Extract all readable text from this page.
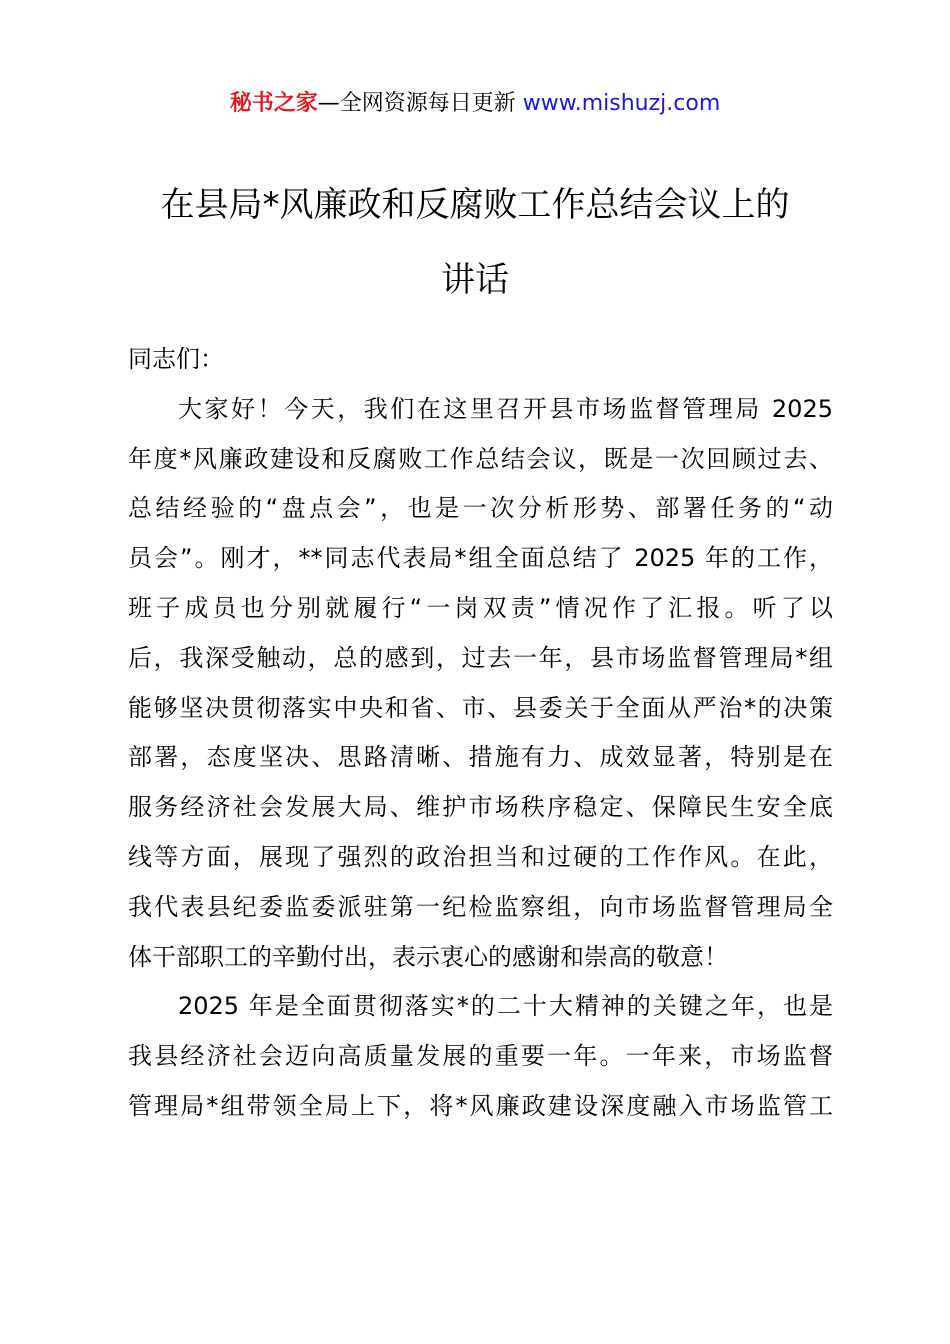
秘书之家—全网资源每日更新 www.mishuzj.com
在县局*风廉政和反腐败工作总结会议上的
讲话
同志们：
大家好！今天，我们在这里召开县市场监督管理局 2025
年度*风廉政建设和反腐败工作总结会议，既是一次回顾过去、
总结经验的“盘点会”，也是一次分析形势、部署任务的“动
员会”。刚才，**同志代表局*组全面总结了 2025 年的工作，
班子成员也分别就履行“一岗双责”情况作了汇报。听了以
后，我深受触动，总的感到，过去一年，县市场监督管理局*组
能够坚决贯彻落实中央和省、市、县委关于全面从严治*的决策
部署，态度坚决、思路清晰、措施有力、成效显著，特别是在
服务经济社会发展大局、维护市场秩序稳定、保障民生安全底
线等方面，展现了强烈的政治担当和过硬的工作作风。在此，
我代表县纪委监委派驻第一纪检监察组，向市场监督管理局全
体干部职工的辛勤付出，表示衷心的感谢和崇高的敬意！
2025 年是全面贯彻落实*的二十大精神的关键之年，也是
我县经济社会迈向高质量发展的重要一年。一年来，市场监督
管理局*组带领全局上下，将*风廉政建设深度融入市场监管工
